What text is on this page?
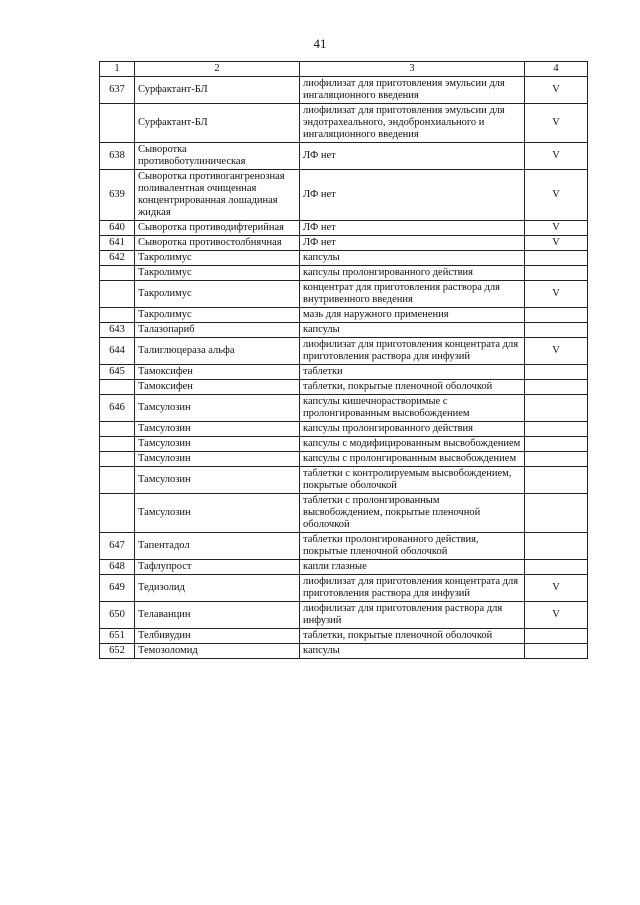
41
1	2	3	4
637	Сурфактант-БЛ	лиофилизат для приготовления эмульсии для ингаляционного введения	V
	Сурфактант-БЛ	лиофилизат для приготовления эмульсии для эндотрахеального, эндобронхиального и ингаляционного введения	V
638	Сыворотка противоботулиническая	ЛФ нет	V
639	Сыворотка противогангренозная поливалентная очищенная концентрированная лошадиная жидкая	ЛФ нет	V
640	Сыворотка противодифтерийная	ЛФ нет	V
641	Сыворотка противостолбнячная	ЛФ нет	V
642	Такролимус	капсулы	
	Такролимус	капсулы пролонгированного действия	
	Такролимус	концентрат для приготовления раствора для внутривенного введения	V
	Такролимус	мазь для наружного применения	
643	Талазопариб	капсулы	
644	Талиглюцераза альфа	лиофилизат для приготовления концентрата для приготовления раствора для инфузий	V
645	Тамоксифен	таблетки	
	Тамоксифен	таблетки, покрытые пленочной оболочкой	
646	Тамсулозин	капсулы кишечнорастворимые с пролонгированным высвобождением	
	Тамсулозин	капсулы пролонгированного действия	
	Тамсулозин	капсулы с модифицированным высвобождением	
	Тамсулозин	капсулы с пролонгированным высвобождением	
	Тамсулозин	таблетки с контролируемым высвобождением, покрытые оболочкой	
	Тамсулозин	таблетки с пролонгированным высвобождением, покрытые пленочной оболочкой	
647	Тапентадол	таблетки пролонгированного действия, покрытые пленочной оболочкой	
648	Тафлупрост	капли глазные	
649	Тедизолид	лиофилизат для приготовления концентрата для приготовления раствора для инфузий	V
650	Телаванцин	лиофилизат для приготовления раствора для инфузий	V
651	Телбивудин	таблетки, покрытые пленочной оболочкой	
652	Темозоломид	капсулы	
